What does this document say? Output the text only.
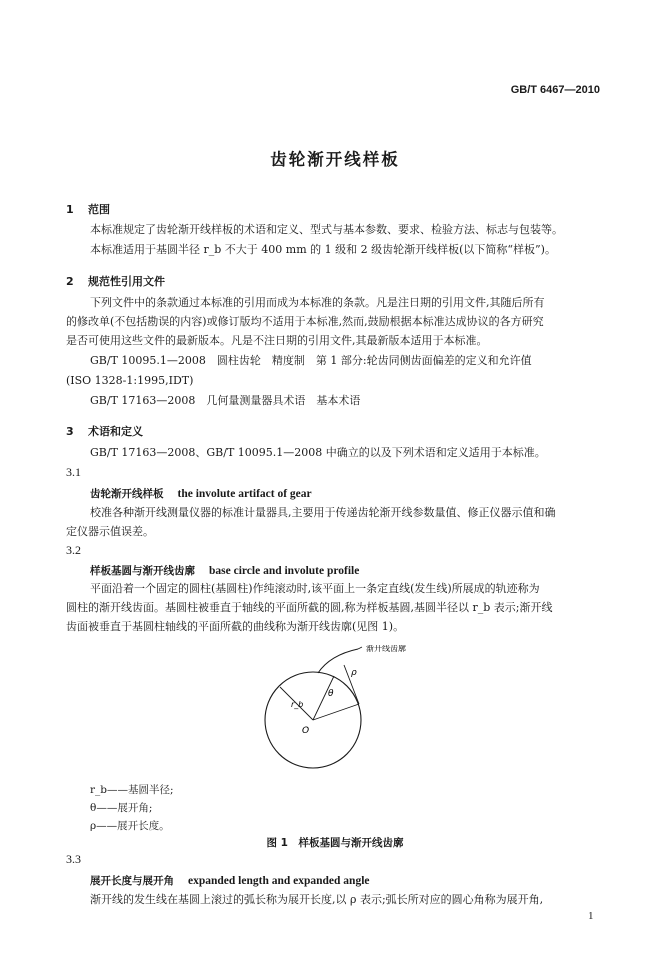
GB/T 6467—2010
齿轮渐开线样板
1 范围
本标准规定了齿轮渐开线样板的术语和定义、型式与基本参数、要求、检验方法、标志与包装等。
本标准适用于基圆半径 r_b 不大于 400 mm 的 1 级和 2 级齿轮渐开线样板(以下简称“样板”)。
2 规范性引用文件
下列文件中的条款通过本标准的引用而成为本标准的条款。凡是注日期的引用文件,其随后所有
的修改单(不包括勘误的内容)或修订版均不适用于本标准,然而,鼓励根据本标准达成协议的各方研究
是否可使用这些文件的最新版本。凡是不注日期的引用文件,其最新版本适用于本标准。
GB/T 10095.1—2008　圆柱齿轮　精度制　第 1 部分:轮齿同侧齿面偏差的定义和允许值
(ISO 1328-1:1995,IDT)
GB/T 17163—2008　几何量测量器具术语　基本术语
3 术语和定义
GB/T 17163—2008、GB/T 10095.1—2008 中确立的以及下列术语和定义适用于本标准。
3.1
齿轮渐开线样板 the involute artifact of gear
校准各种渐开线测量仪器的标准计量器具,主要用于传递齿轮渐开线参数量值、修正仪器示值和确
定仪器示值误差。
3.2
样板基圆与渐开线齿廓 base circle and involute profile
平面沿着一个固定的圆柱(基圆柱)作纯滚动时,该平面上一条定直线(发生线)所展成的轨迹称为
圆柱的渐开线齿面。基圆柱被垂直于轴线的平面所截的圆,称为样板基圆,基圆半径以 r_b 表示;渐开线
齿面被垂直于基圆柱轴线的平面所截的曲线称为渐开线齿廓(见图 1)。
θ
ρ
r_b
O
渐开线齿廓
r_b——基圆半径;
θ——展开角;
ρ——展开长度。
图 1　样板基圆与渐开线齿廓
3.3
展开长度与展开角 expanded length and expanded angle
渐开线的发生线在基圆上滚过的弧长称为展开长度,以 ρ 表示;弧长所对应的圆心角称为展开角,
1
